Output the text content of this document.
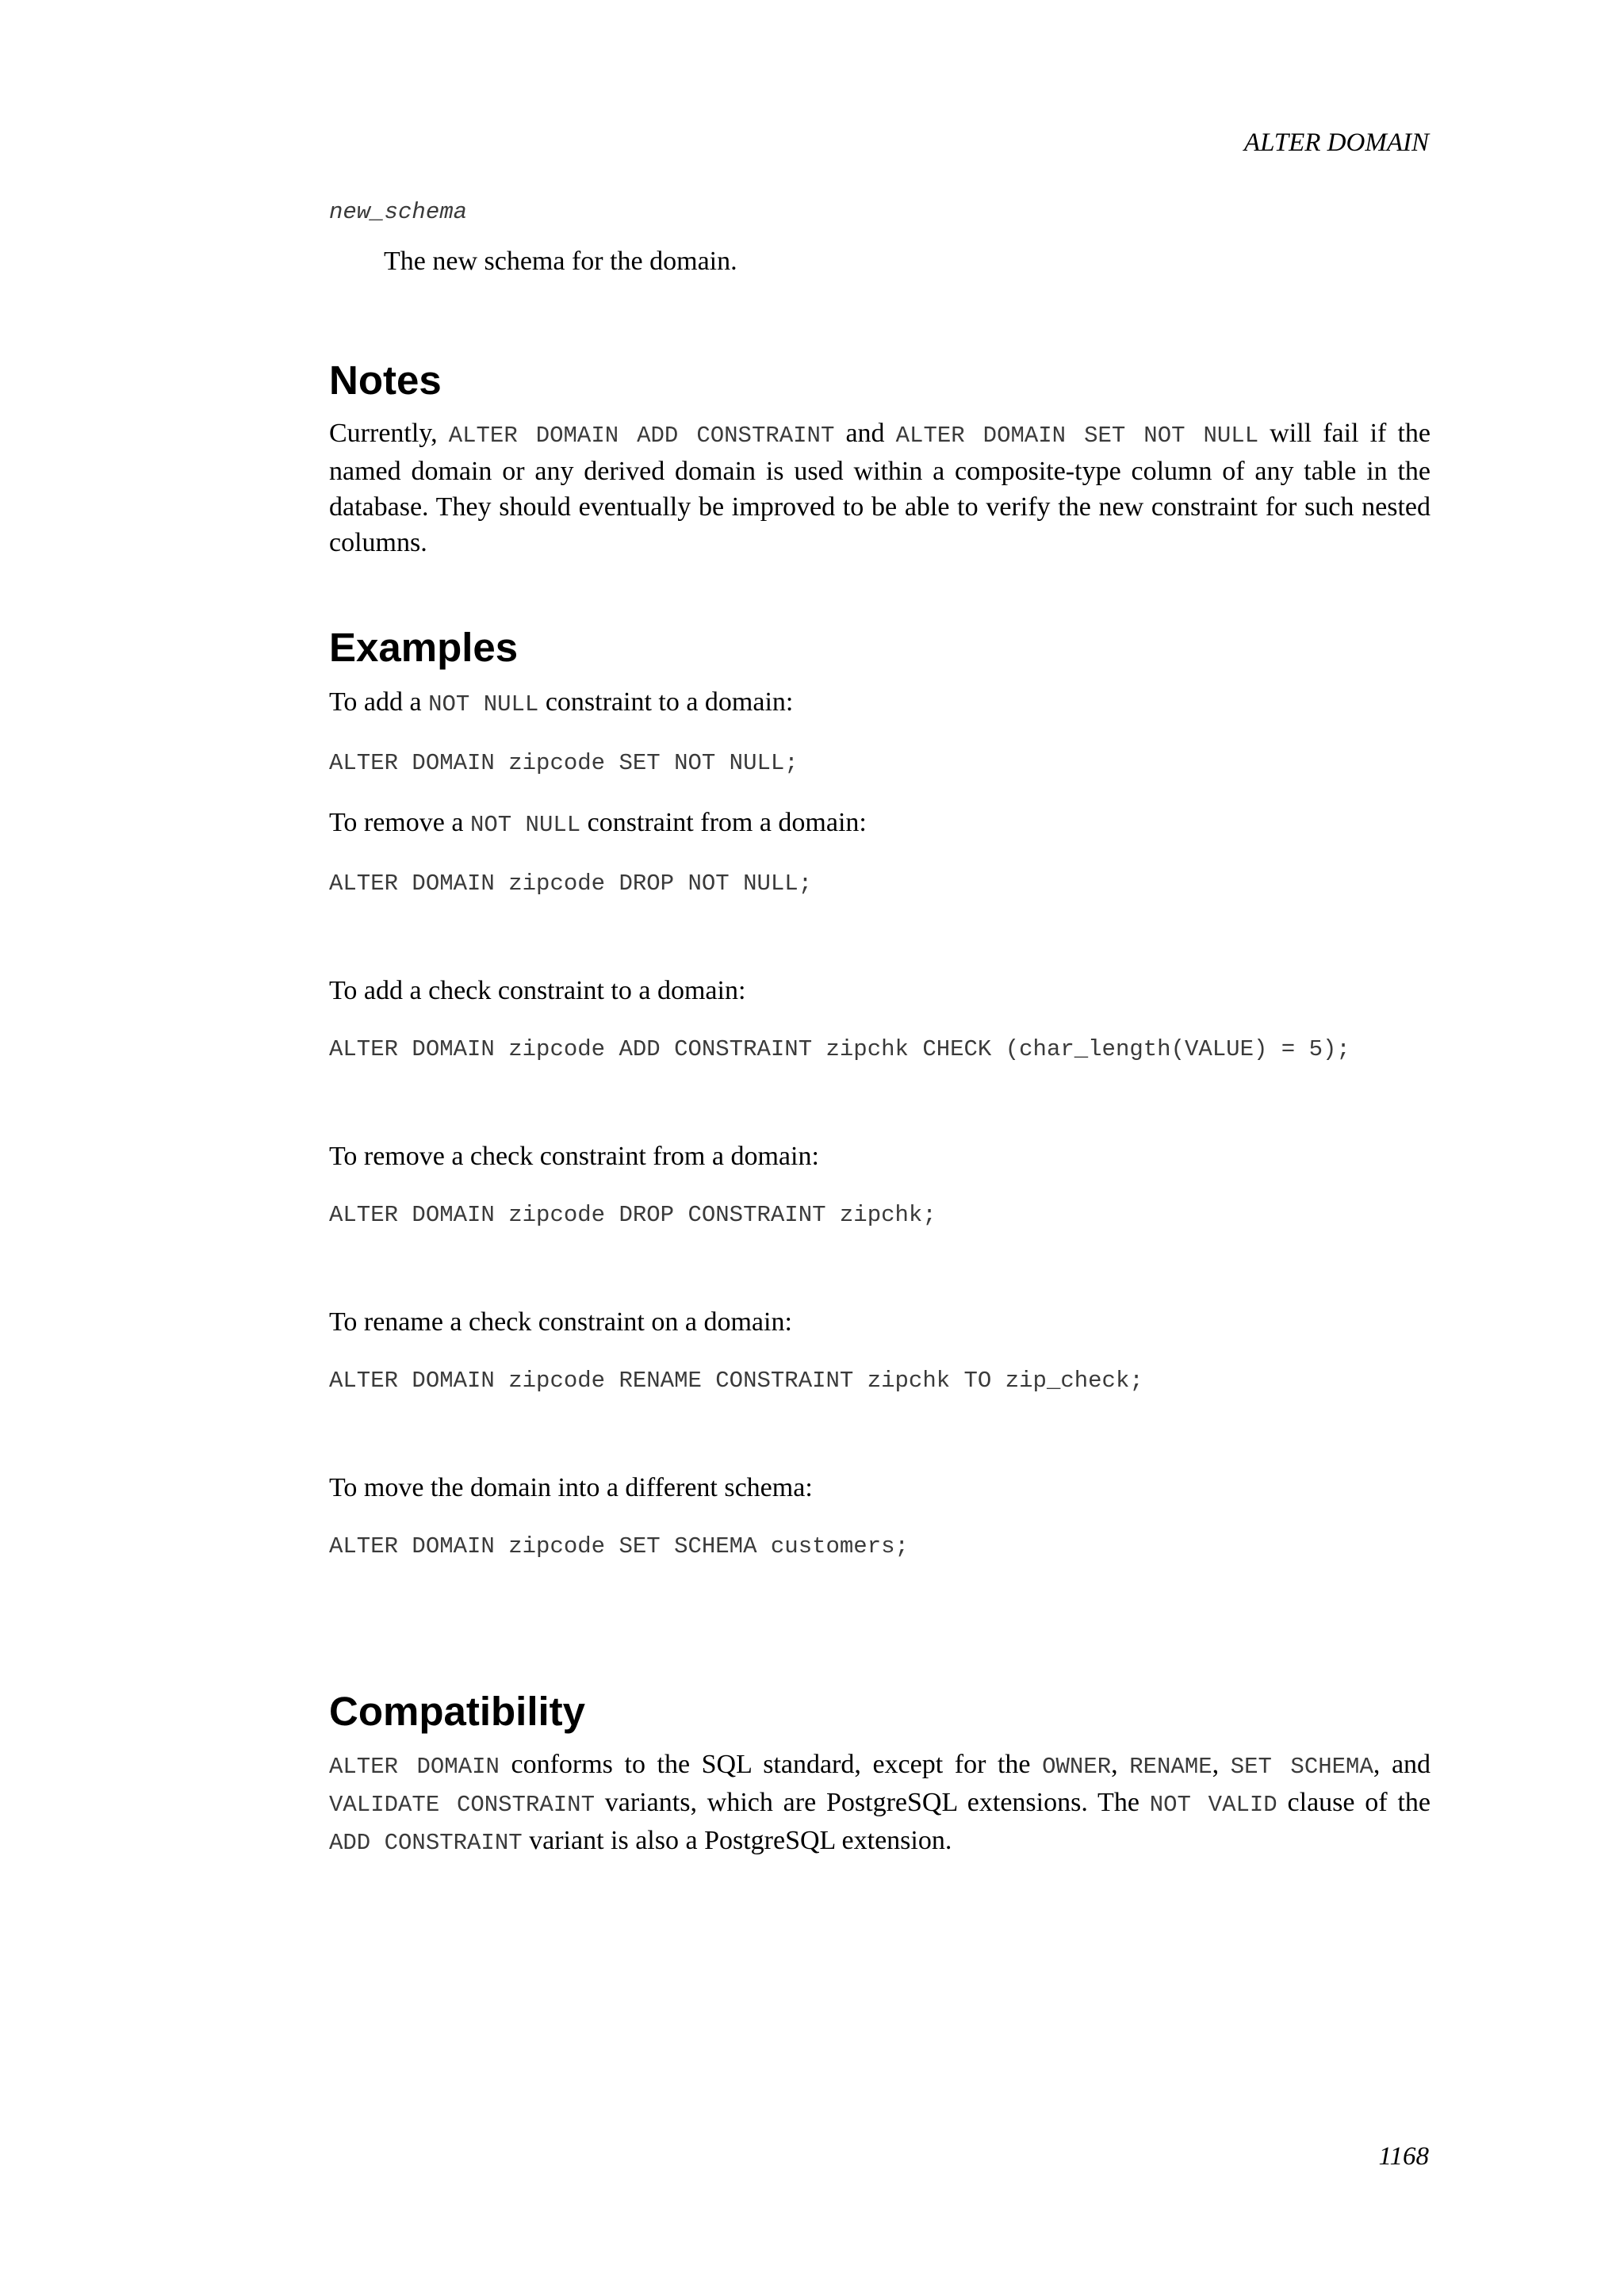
ALTER DOMAIN

new_schema

The new schema for the domain.

Notes

Currently, ALTER DOMAIN ADD CONSTRAINT and ALTER DOMAIN SET NOT NULL will fail if the named domain or any derived domain is used within a composite-type column of any table in the database. They should eventually be improved to be able to verify the new constraint for such nested columns.

Examples

To add a NOT NULL constraint to a domain:

ALTER DOMAIN zipcode SET NOT NULL;

To remove a NOT NULL constraint from a domain:

ALTER DOMAIN zipcode DROP NOT NULL;

To add a check constraint to a domain:

ALTER DOMAIN zipcode ADD CONSTRAINT zipchk CHECK (char_length(VALUE) = 5);

To remove a check constraint from a domain:

ALTER DOMAIN zipcode DROP CONSTRAINT zipchk;

To rename a check constraint on a domain:

ALTER DOMAIN zipcode RENAME CONSTRAINT zipchk TO zip_check;

To move the domain into a different schema:

ALTER DOMAIN zipcode SET SCHEMA customers;

Compatibility

ALTER DOMAIN conforms to the SQL standard, except for the OWNER, RENAME, SET SCHEMA, and VALIDATE CONSTRAINT variants, which are PostgreSQL extensions. The NOT VALID clause of the ADD CONSTRAINT variant is also a PostgreSQL extension.

1168
